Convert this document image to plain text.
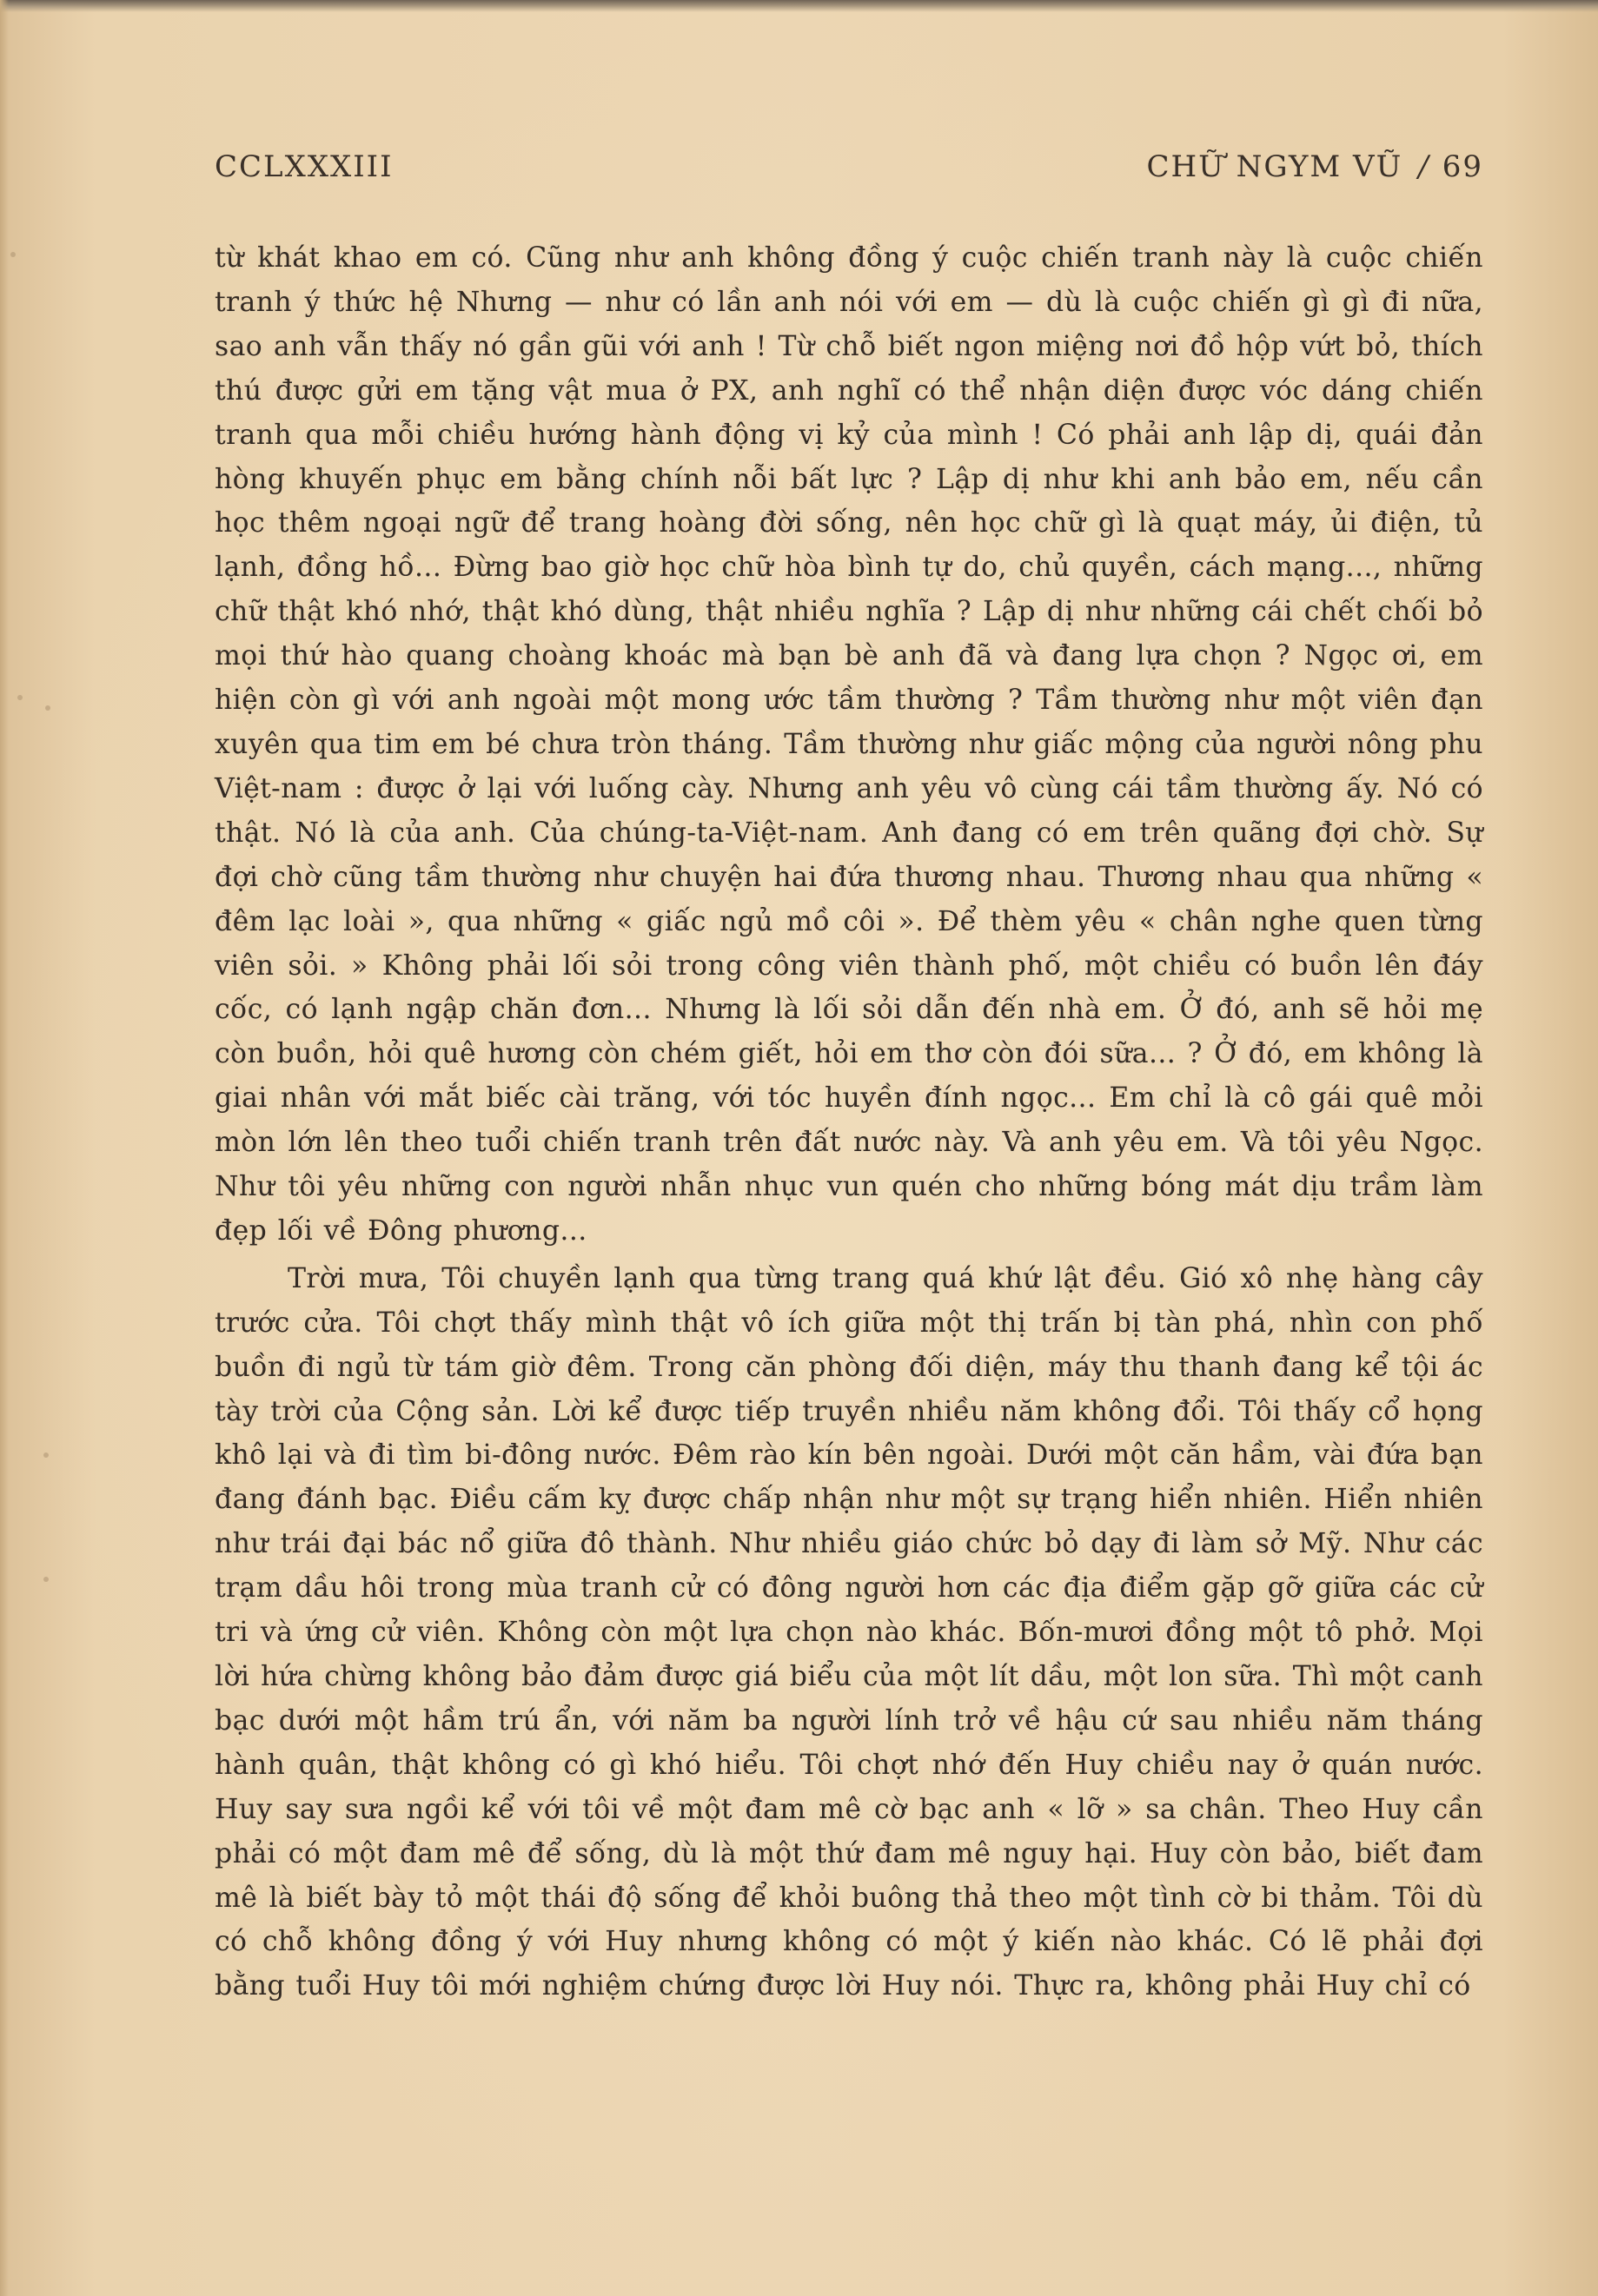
CCLXXXIII	CHỮ NGYM VŨ / 69

từ khát khao em có. Cũng như anh không đồng ý cuộc chiến tranh này là cuộc chiến tranh ý thức hệ Nhưng — như có lần anh nói với em — dù là cuộc chiến gì gì đi nữa, sao anh vẫn thấy nó gần gũi với anh ! Từ chỗ biết ngon miệng nơi đồ hộp vứt bỏ, thích thú được gửi em tặng vật mua ở PX, anh nghĩ có thể nhận diện được vóc dáng chiến tranh qua mỗi chiều hướng hành động vị kỷ của mình ! Có phải anh lập dị, quái đản hòng khuyến phục em bằng chính nỗi bất lực ? Lập dị như khi anh bảo em, nếu cần học thêm ngoại ngữ để trang hoàng đời sống, nên học chữ gì là quạt máy, ủi điện, tủ lạnh, đồng hồ... Đừng bao giờ học chữ hòa bình tự do, chủ quyền, cách mạng..., những chữ thật khó nhớ, thật khó dùng, thật nhiều nghĩa ? Lập dị như những cái chết chối bỏ mọi thứ hào quang choàng khoác mà bạn bè anh đã và đang lựa chọn ? Ngọc ơi, em hiện còn gì với anh ngoài một mong ước tầm thường ? Tầm thường như một viên đạn xuyên qua tim em bé chưa tròn tháng. Tầm thường như giấc mộng của người nông phu Việt-nam : được ở lại với luống cày. Nhưng anh yêu vô cùng cái tầm thường ấy. Nó có thật. Nó là của anh. Của chúng-ta-Việt-nam. Anh đang có em trên quãng đợi chờ. Sự đợi chờ cũng tầm thường như chuyện hai đứa thương nhau. Thương nhau qua những « đêm lạc loài », qua những « giấc ngủ mồ côi ». Để thèm yêu « chân nghe quen từng viên sỏi. » Không phải lối sỏi trong công viên thành phố, một chiều có buồn lên đáy cốc, có lạnh ngập chăn đơn... Nhưng là lối sỏi dẫn đến nhà em. Ở đó, anh sẽ hỏi mẹ còn buồn, hỏi quê hương còn chém giết, hỏi em thơ còn đói sữa... ? Ở đó, em không là giai nhân với mắt biếc cài trăng, với tóc huyền đính ngọc... Em chỉ là cô gái quê mỏi mòn lớn lên theo tuổi chiến tranh trên đất nước này. Và anh yêu em. Và tôi yêu Ngọc. Như tôi yêu những con người nhẫn nhục vun quén cho những bóng mát dịu trầm làm đẹp lối về Đông phương...

Trời mưa, Tôi chuyền lạnh qua từng trang quá khứ lật đều. Gió xô nhẹ hàng cây trước cửa. Tôi chợt thấy mình thật vô ích giữa một thị trấn bị tàn phá, nhìn con phố buồn đi ngủ từ tám giờ đêm. Trong căn phòng đối diện, máy thu thanh đang kể tội ác tày trời của Cộng sản. Lời kể được tiếp truyền nhiều năm không đổi. Tôi thấy cổ họng khô lại và đi tìm bi-đông nước. Đêm rào kín bên ngoài. Dưới một căn hầm, vài đứa bạn đang đánh bạc. Điều cấm kỵ được chấp nhận như một sự trạng hiển nhiên. Hiển nhiên như trái đại bác nổ giữa đô thành. Như nhiều giáo chức bỏ dạy đi làm sở Mỹ. Như các trạm dầu hôi trong mùa tranh cử có đông người hơn các địa điểm gặp gỡ giữa các cử tri và ứng cử viên. Không còn một lựa chọn nào khác. Bốn-mươi đồng một tô phở. Mọi lời hứa chừng không bảo đảm được giá biểu của một lít dầu, một lon sữa. Thì một canh bạc dưới một hầm trú ẩn, với năm ba người lính trở về hậu cứ sau nhiều năm tháng hành quân, thật không có gì khó hiểu. Tôi chợt nhớ đến Huy chiều nay ở quán nước. Huy say sưa ngồi kể với tôi về một đam mê cờ bạc anh « lỡ » sa chân. Theo Huy cần phải có một đam mê để sống, dù là một thứ đam mê nguy hại. Huy còn bảo, biết đam mê là biết bày tỏ một thái độ sống để khỏi buông thả theo một tình cờ bi thảm. Tôi dù có chỗ không đồng ý với Huy nhưng không có một ý kiến nào khác. Có lẽ phải đợi bằng tuổi Huy tôi mới nghiệm chứng được lời Huy nói. Thực ra, không phải Huy chỉ có
